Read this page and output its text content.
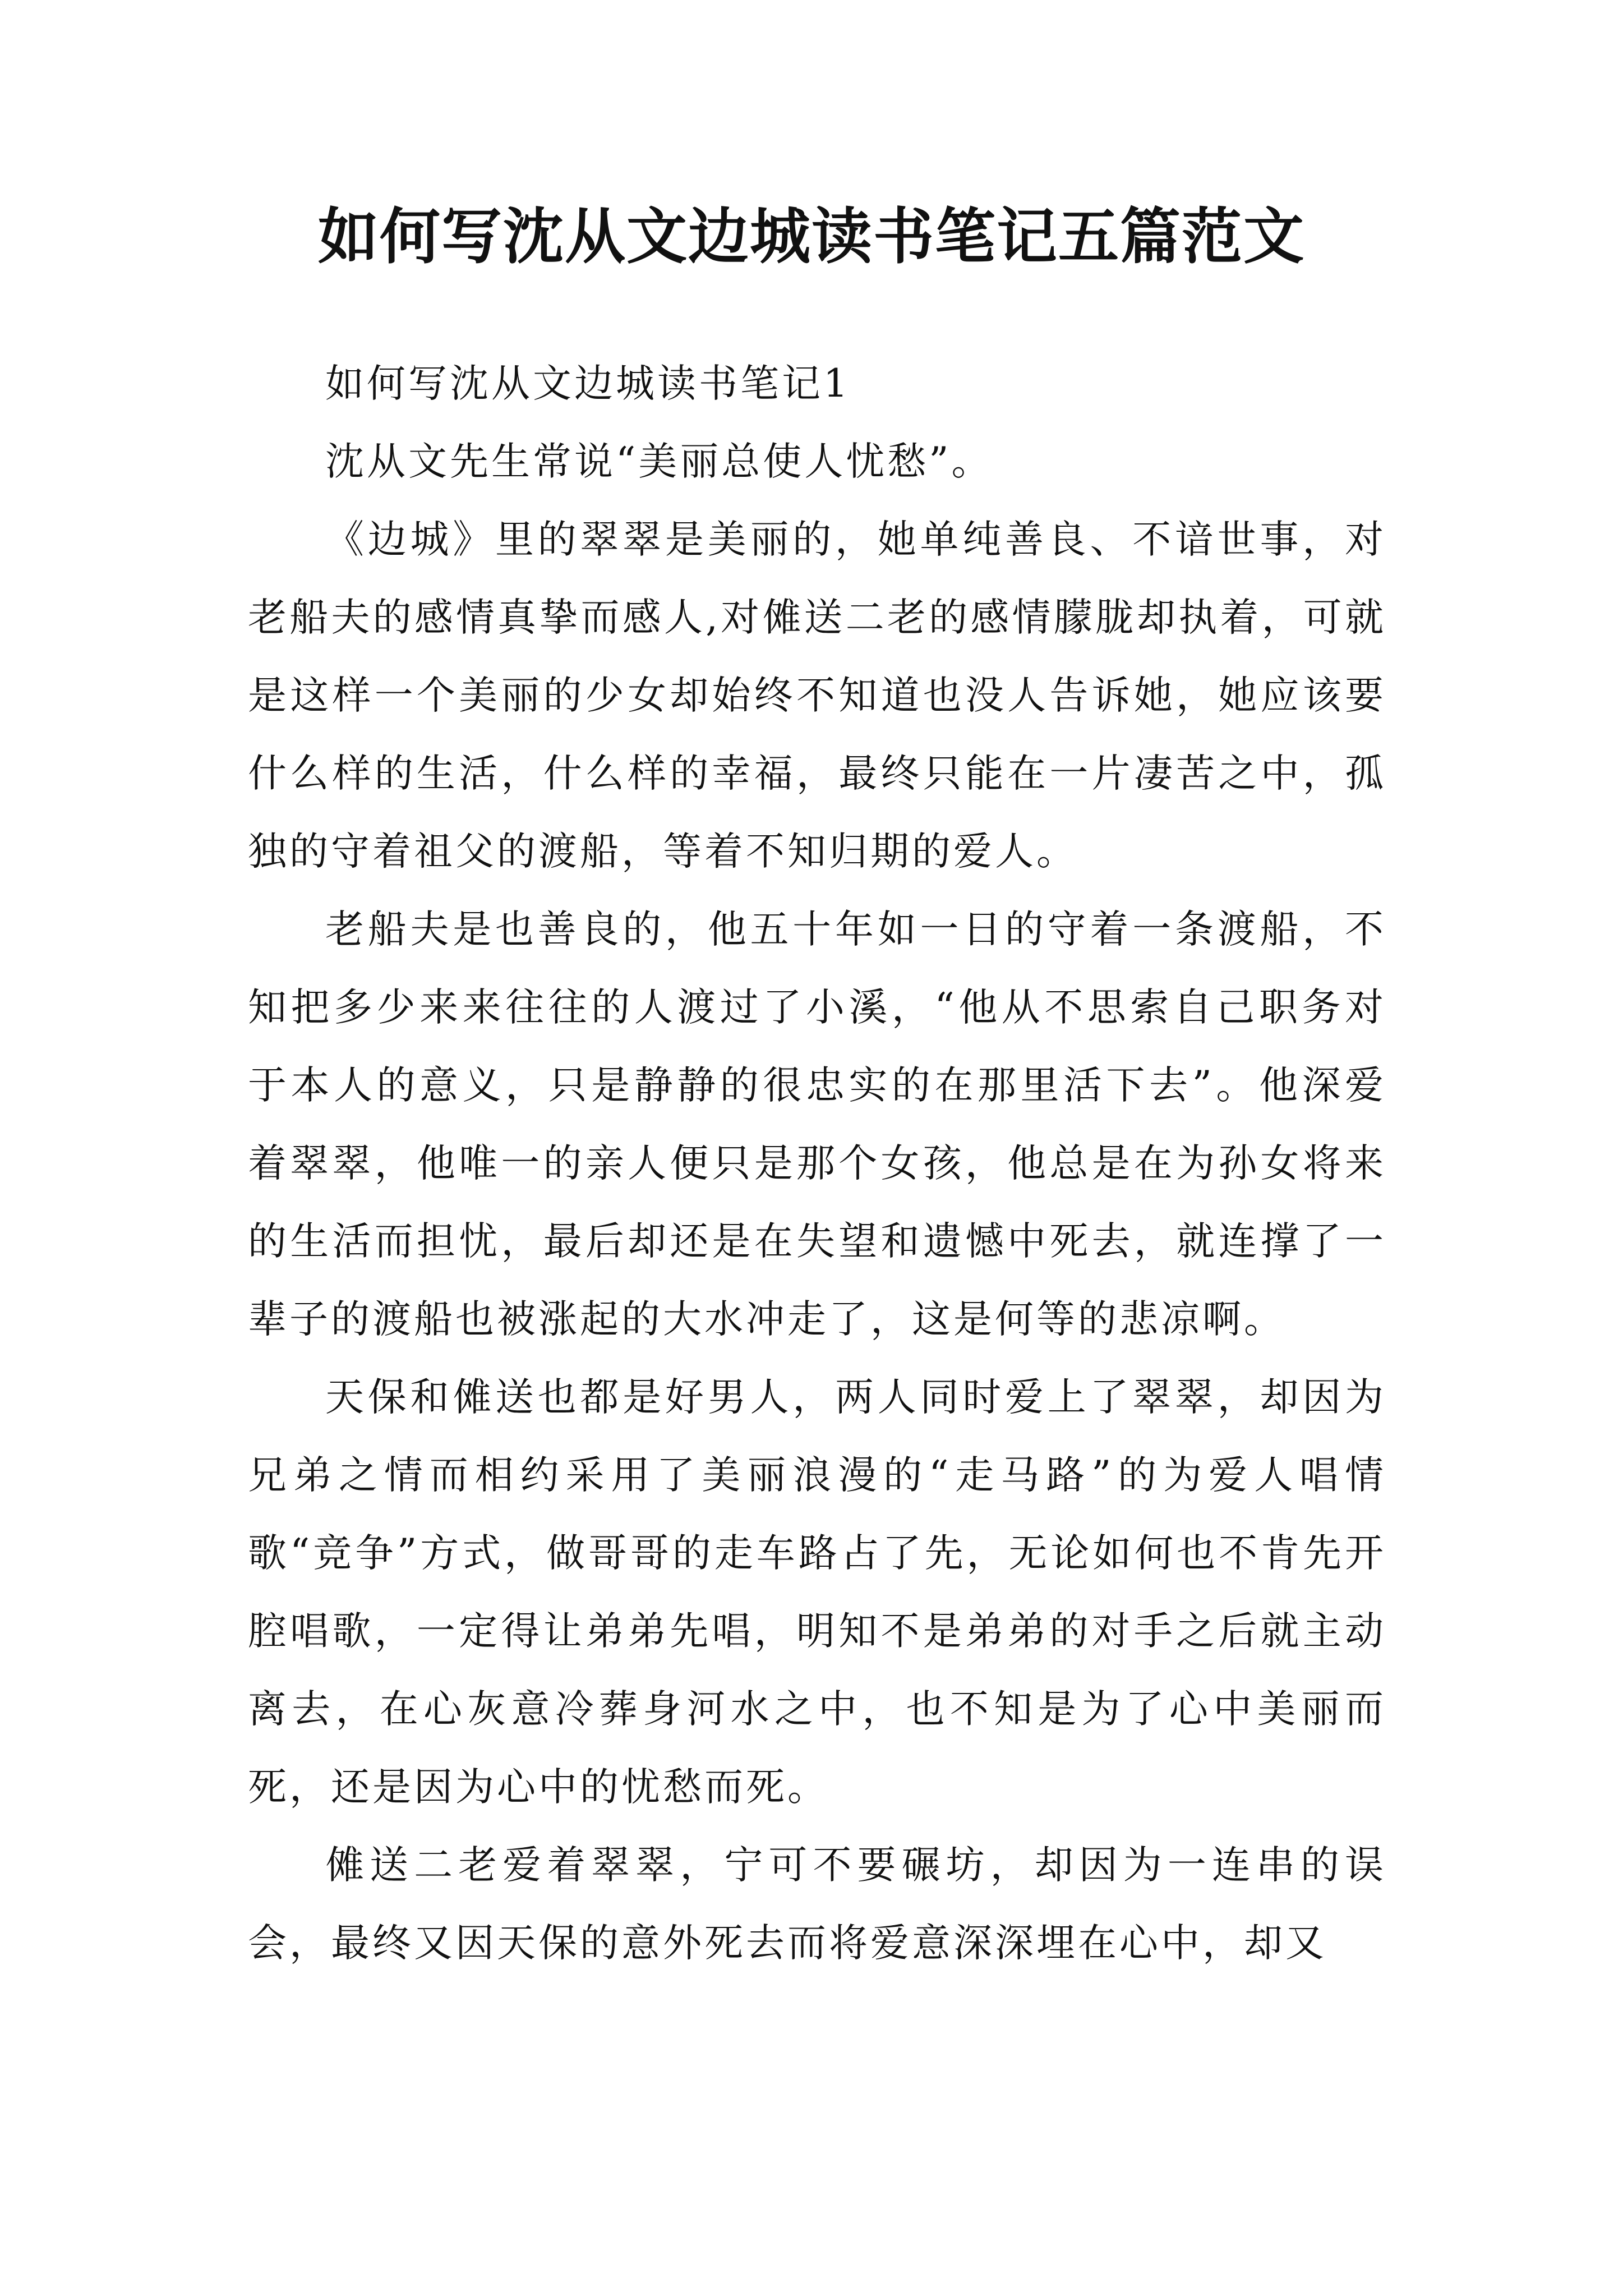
如何写沈从文边城读书笔记五篇范文

如何写沈从文边城读书笔记1

沈从文先生常说“美丽总使人忧愁”。

《边城》里的翠翠是美丽的，她单纯善良、不谙世事，对老船夫的感情真挚而感人,对傩送二老的感情朦胧却执着，可就是这样一个美丽的少女却始终不知道也没人告诉她，她应该要什么样的生活，什么样的幸福，最终只能在一片凄苦之中，孤独的守着祖父的渡船，等着不知归期的爱人。

老船夫是也善良的，他五十年如一日的守着一条渡船，不知把多少来来往往的人渡过了小溪，“他从不思索自己职务对于本人的意义，只是静静的很忠实的在那里活下去”。他深爱着翠翠，他唯一的亲人便只是那个女孩，他总是在为孙女将来的生活而担忧，最后却还是在失望和遗憾中死去，就连撑了一辈子的渡船也被涨起的大水冲走了，这是何等的悲凉啊。

天保和傩送也都是好男人，两人同时爱上了翠翠，却因为兄弟之情而相约采用了美丽浪漫的“走马路”的为爱人唱情歌“竞争”方式，做哥哥的走车路占了先，无论如何也不肯先开腔唱歌，一定得让弟弟先唱，明知不是弟弟的对手之后就主动离去，在心灰意冷葬身河水之中，也不知是为了心中美丽而死，还是因为心中的忧愁而死。

傩送二老爱着翠翠，宁可不要碾坊，却因为一连串的误会，最终又因天保的意外死去而将爱意深深埋在心中，却又
